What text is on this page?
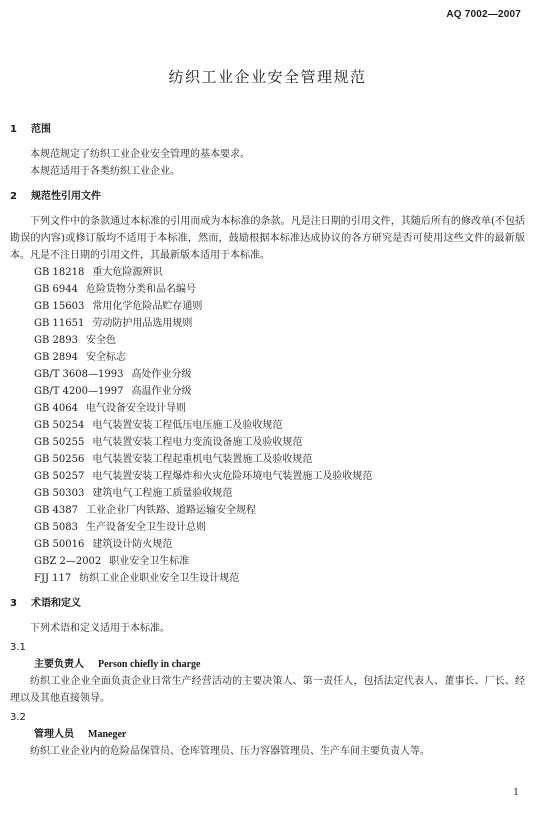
AQ 7002—2007
纺织工业企业安全管理规范
1 范围

本规范规定了纺织工业企业安全管理的基本要求。

本规范适用于各类纺织工业企业。

2 规范性引用文件

下列文件中的条款通过本标准的引用而成为本标准的条款。凡是注日期的引用文件，其随后所有的修改单(不包括勘误的内容)或修订版均不适用于本标准，然而，鼓励根据本标准达成协议的各方研究是否可使用这些文件的最新版本。凡是不注日期的引用文件，其最新版本适用于本标准。

GB 18218 重大危险源辨识
GB 6944 危险货物分类和品名编号
GB 15603 常用化学危险品贮存通则
GB 11651 劳动防护用品选用规则
GB 2893 安全色
GB 2894 安全标志
GB/T 3608—1993 高处作业分级
GB/T 4200—1997 高温作业分级
GB 4064 电气设备安全设计导则
GB 50254 电气装置安装工程低压电压施工及验收规范
GB 50255 电气装置安装工程电力变流设备施工及验收规范
GB 50256 电气装置安装工程起重机电气装置施工及验收规范
GB 50257 电气装置安装工程爆炸和火灾危险环境电气装置施工及验收规范
GB 50303 建筑电气工程施工质量验收规范
GB 4387 工业企业厂内铁路、道路运输安全规程
GB 5083 生产设备安全卫生设计总则
GB 50016 建筑设计防火规范
GBZ 2—2002 职业安全卫生标准
FJJ 117 纺织工业企业职业安全卫生设计规范
3 术语和定义

下列术语和定义适用于本标准。

3.1
主要负责人 Person chiefly in charge

纺织工业企业全面负责企业日常生产经营活动的主要决策人、第一责任人，包括法定代表人、董事长、厂长、经理以及其他直接领导。

3.2
管理人员 Maneger

纺织工业企业内的危险品保管员、仓库管理员、压力容器管理员、生产车间主要负责人等。

1
